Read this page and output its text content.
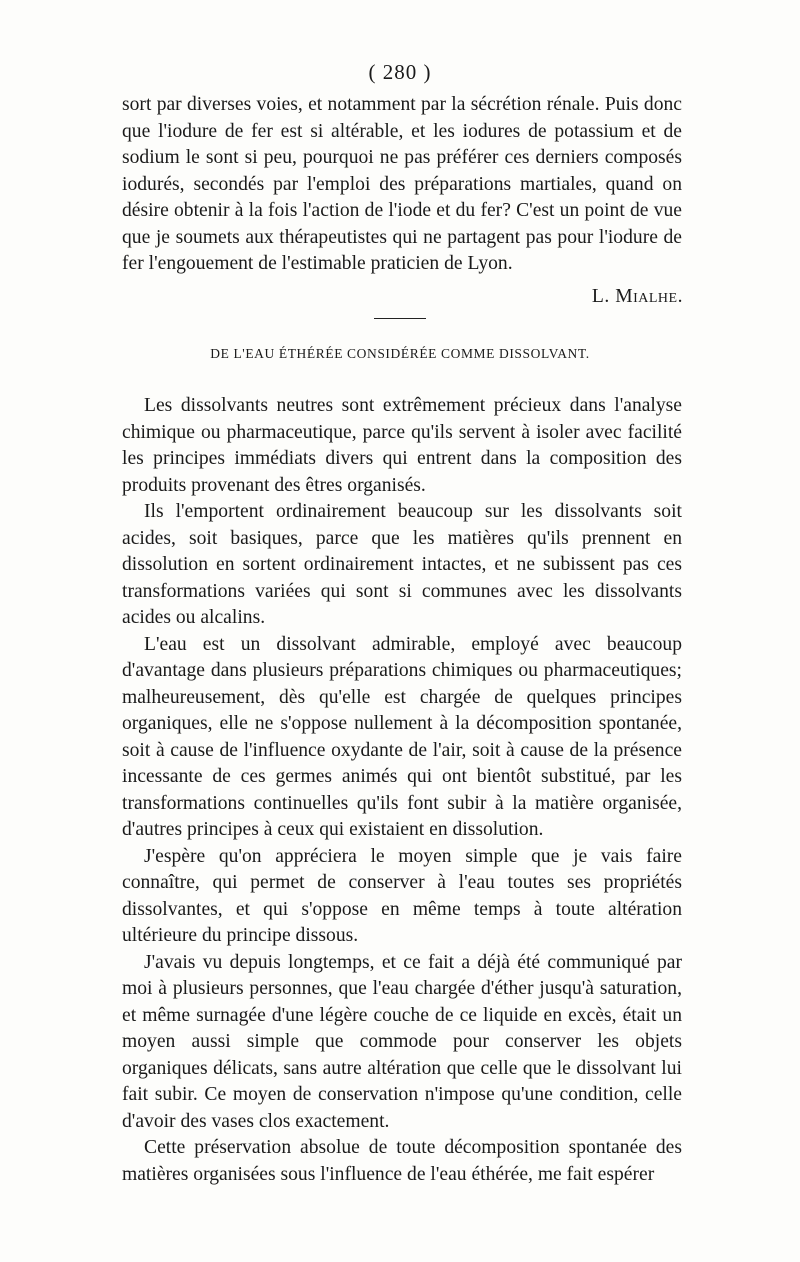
( 280 )

sort par diverses voies, et notamment par la sécrétion rénale. Puis donc que l'iodure de fer est si altérable, et les iodures de potassium et de sodium le sont si peu, pourquoi ne pas préférer ces derniers composés iodurés, secondés par l'emploi des préparations martiales, quand on désire obtenir à la fois l'action de l'iode et du fer? C'est un point de vue que je soumets aux thérapeutistes qui ne partagent pas pour l'iodure de fer l'engouement de l'estimable praticien de Lyon.

L. Mialhe.
DE L'EAU ÉTHÉRÉE CONSIDÉRÉE COMME DISSOLVANT.

Les dissolvants neutres sont extrêmement précieux dans l'analyse chimique ou pharmaceutique, parce qu'ils servent à isoler avec facilité les principes immédiats divers qui entrent dans la composition des produits provenant des êtres organisés.

Ils l'emportent ordinairement beaucoup sur les dissolvants soit acides, soit basiques, parce que les matières qu'ils prennent en dissolution en sortent ordinairement intactes, et ne subissent pas ces transformations variées qui sont si communes avec les dissolvants acides ou alcalins.

L'eau est un dissolvant admirable, employé avec beaucoup d'avantage dans plusieurs préparations chimiques ou pharmaceutiques; malheureusement, dès qu'elle est chargée de quelques principes organiques, elle ne s'oppose nullement à la décomposition spontanée, soit à cause de l'influence oxydante de l'air, soit à cause de la présence incessante de ces germes animés qui ont bientôt substitué, par les transformations continuelles qu'ils font subir à la matière organisée, d'autres principes à ceux qui existaient en dissolution.

J'espère qu'on appréciera le moyen simple que je vais faire connaître, qui permet de conserver à l'eau toutes ses propriétés dissolvantes, et qui s'oppose en même temps à toute altération ultérieure du principe dissous.

J'avais vu depuis longtemps, et ce fait a déjà été communiqué par moi à plusieurs personnes, que l'eau chargée d'éther jusqu'à saturation, et même surnagée d'une légère couche de ce liquide en excès, était un moyen aussi simple que commode pour conserver les objets organiques délicats, sans autre altération que celle que le dissolvant lui fait subir. Ce moyen de conservation n'impose qu'une condition, celle d'avoir des vases clos exactement.

Cette préservation absolue de toute décomposition spontanée des matières organisées sous l'influence de l'eau éthérée, me fait espérer
